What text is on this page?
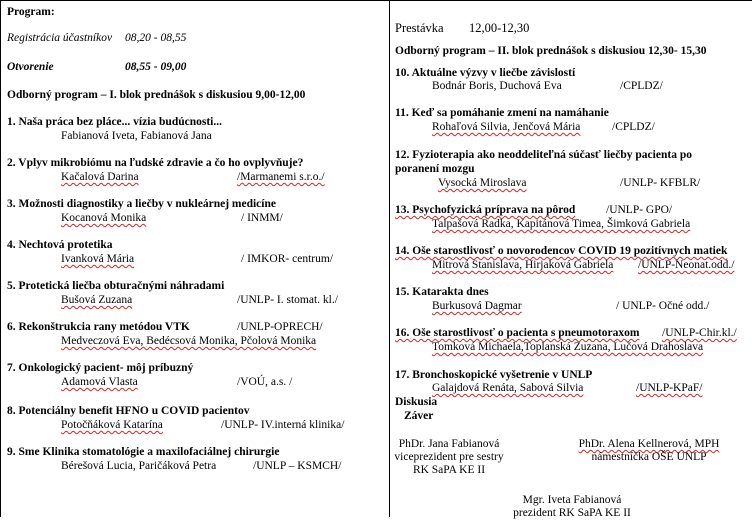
Program:
Registrácia účastníkov 08,20 - 08,55
Otvorenie	08,55 - 09,00
Odborný program – I. blok prednášok s diskusiou 9,00-12,00
1. Naša práca bez pláce... vízia budúcnosti...
Fabianová Iveta, Fabianová Jana
2. Vplyv mikrobiómu na ľudské zdravie a čo ho ovplyvňuje?
Kačalová Darina	/Marmanemi s.r.o./
3. Možnosti diagnostiky a liečby v nukleárnej medicíne
Kocanová Monika	/ INMM/
4. Nechtová protetika
Ivanková Mária	/ IMKOR- centrum/
5. Protetická liečba obturačnými náhradami
Bušová Zuzana	/UNLP- I. stomat. kl./
6. Rekonštrukcia rany metódou VTK	/UNLP-OPRECH/
Medveczová Eva, Bedécsová Monika, Pčolová Monika
7. Onkologický pacient- môj príbuzný
Adamová Vlasta	/VOÚ, a.s. /
8. Potenciálny benefit HFNO u COVID pacientov
Potočňáková Katarína	/UNLP- IV.interná klinika/
9. Sme Klinika stomatológie a maxilofaciálnej chirurgie
Bérešová Lucia, Paričáková Petra	/UNLP – KSMCH/
Prestávka 12,00-12,30
Odborný program – II. blok prednášok s diskusiou 12,30- 15,30
10. Aktuálne výzvy v liečbe závislostí
Bodnár Boris, Duchová Eva	/CPLDZ/
11. Keď sa pomáhanie zmení na namáhanie
Rohaľová Silvia, Jenčová Mária	/CPLDZ/
12. Fyzioterapia ako neoddeliteľná súčasť liečby pacienta po
poranení mozgu
Vysocká Miroslava	/UNLP- KFBLR/
13. Psychofyzická príprava na pôrod	/UNLP- GPO/
Talpašová Radka, Kapitánová Timea, Šimková Gabriela
14. Oše starostlivosť o novorodencov COVID 19 pozitívnych matiek
Mitrová Stanislava, Hirjaková Gabriela /UNLP-Neonat.odd./
15. Katarakta dnes
Burkusová Dagmar	/ UNLP- Očné odd./
16. Oše starostlivosť o pacienta s pneumotoraxom /UNLP-Chir.kl./
Tomková Michaela,Toplanská Zuzana, Lučová Drahoslava
17. Bronchoskopické vyšetrenie v UNLP
Galajdová Renáta, Sabová Silvia	/UNLP-KPaF/
Diskusia
Záver
PhDr. Jana Fabianová
viceprezident pre sestry
RK SaPA KE II
PhDr. Alena Kellnerová, MPH
námestníčka OŠE UNLP
Mgr. Iveta Fabianová
prezident RK SaPA KE II
